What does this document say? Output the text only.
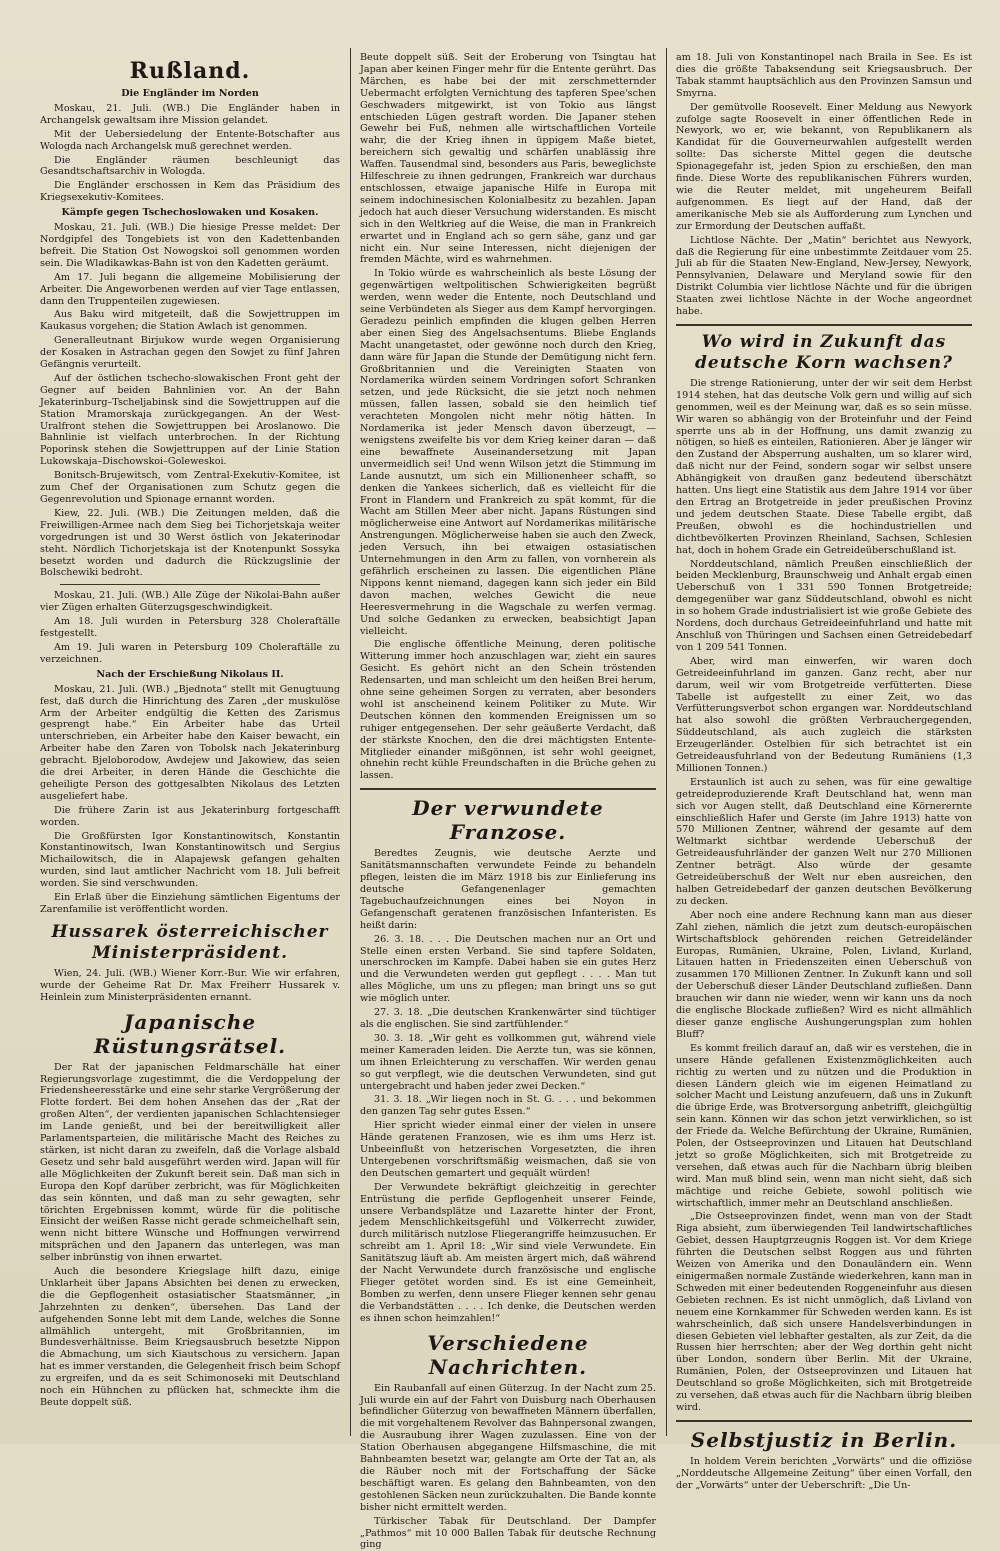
Rußland.
Die Engländer im Norden

Moskau, 21. Juli. (WB.) Die Engländer haben in Archangelsk gewaltsam ihre Mission gelandet.

Mit der Uebersiedelung der Entente-Botschafter aus Wologda nach Archangelsk muß gerechnet werden.

Die Engländer räumen beschleunigt das Gesandtschaftsarchiv in Wologda.

Die Engländer erschossen in Kem das Präsidium des Kriegsexekutiv-Komitees.

Kämpfe gegen Tschechoslowaken und Kosaken.

Moskau, 21. Juli. (WB.) Die hiesige Presse meldet: Der Nordgipfel des Tongebiets ist von den Kadettenbanden befreit. Die Station Ost Nowogskoi soll genommen worden sein. Die Wladikawkas-Bahn ist von den Kadetten geräumt.

Am 17. Juli begann die allgemeine Mobilisierung der Arbeiter. Die Angeworbenen werden auf vier Tage entlassen, dann den Truppenteilen zugewiesen.

Aus Baku wird mitgeteilt, daß die Sowjettruppen im Kaukasus vorgehen; die Station Awlach ist genommen.

Generalleutnant Birjukow wurde wegen Organisierung der Kosaken in Astrachan gegen den Sowjet zu fünf Jahren Gefängnis verurteilt.

Auf der östlichen tschecho-slowakischen Front geht der Gegner auf beiden Bahnlinien vor. An der Bahn Jekaterinburg–Tscheljabinsk sind die Sowjettruppen auf die Station Mramorskaja zurückgegangen. An der West-Uralfront stehen die Sowjettruppen bei Aroslanowo. Die Bahnlinie ist vielfach unterbrochen. In der Richtung Poporinsk stehen die Sowjettruppen auf der Linie Station Lukowskaja–Dischowskoi–Goleweskoi.

Bonitsch-Brujewitsch, vom Zentral-Exekutiv-Komitee, ist zum Chef der Organisationen zum Schutz gegen die Gegenrevolution und Spionage ernannt worden.

Kiew, 22. Juli. (WB.) Die Zeitungen melden, daß die Freiwilligen-Armee nach dem Sieg bei Tichorjetskaja weiter vorgedrungen ist und 30 Werst östlich von Jekaterinodar steht. Nördlich Tichorjetskaja ist der Knotenpunkt Sossyka besetzt worden und dadurch die Rückzugslinie der Bolschewiki bedroht.

Moskau, 21. Juli. (WB.) Alle Züge der Nikolai-Bahn außer vier Zügen erhalten Güterzugsgeschwindigkeit.

Am 18. Juli wurden in Petersburg 328 Choleraftälle festgestellt.

Am 19. Juli waren in Petersburg 109 Choleraftälle zu verzeichnen.

Nach der Erschießung Nikolaus II.

Moskau, 21. Juli. (WB.) „Bjednota“ stellt mit Genugtuung fest, daß durch die Hinrichtung des Zaren „der muskulöse Arm der Arbeiter endgültig die Ketten des Zarismus gesprengt habe.“ Ein Arbeiter habe das Urteil unterschrieben, ein Arbeiter habe den Kaiser bewacht, ein Arbeiter habe den Zaren von Tobolsk nach Jekaterinburg gebracht. Bjeloborodow, Awdejew und Jakowiew, das seien die drei Arbeiter, in deren Hände die Geschichte die geheiligte Person des gottgesalbten Nikolaus des Letzten ausgeliefert habe.

Die frühere Zarin ist aus Jekaterinburg fortgeschafft worden.

Die Großfürsten Igor Konstantinowitsch, Konstantin Konstantinowitsch, Iwan Konstantinowitsch und Sergius Michailowitsch, die in Alapajewsk gefangen gehalten wurden, sind laut amtlicher Nachricht vom 18. Juli befreit worden. Sie sind verschwunden.

Ein Erlaß über die Einziehung sämtlichen Eigentums der Zarenfamilie ist veröffentlicht worden.

Hussarek österreichischer Ministerpräsident.

Wien, 24. Juli. (WB.) Wiener Korr.-Bur. Wie wir erfahren, wurde der Geheime Rat Dr. Max Freiherr Hussarek v. Heinlein zum Ministerpräsidenten ernannt.

Japanische Rüstungsrätsel.

Der Rat der japanischen Feldmarschälle hat einer Regierungsvorlage zugestimmt, die die Verdoppelung der Friedensheeresstärke und eine sehr starke Vergrößerung der Flotte fordert. Bei dem hohen Ansehen das der „Rat der großen Alten“, der verdienten japanischen Schlachtensieger im Lande genießt, und bei der bereitwilligkeit aller Parlamentsparteien, die militärische Macht des Reiches zu stärken, ist nicht daran zu zweifeln, daß die Vorlage alsbald Gesetz und sehr bald ausgeführt werden wird. Japan will für alle Möglichkeiten der Zukunft bereit sein. Daß man sich in Europa den Kopf darüber zerbricht, was für Möglichkeiten das sein könnten, und daß man zu sehr gewagten, sehr törichten Ergebnissen kommt, würde für die politische Einsicht der weißen Rasse nicht gerade schmeichelhaft sein, wenn nicht bittere Wünsche und Hoffnungen verwirrend mitsprächen und den Japanern das unterlegen, was man selber inbrünstig von ihnen erwartet.

Auch die besondere Kriegslage hilft dazu, einige Unklarheit über Japans Absichten bei denen zu erwecken, die die Gepflogenheit ostasiatischer Staatsmänner, „in Jahrzehnten zu denken“, übersehen. Das Land der aufgehenden Sonne lebt mit dem Lande, welches die Sonne allmählich untergeht, mit Großbritannien, im Bundesverhältnisse. Beim Kriegsausbruch besetzte Nippon die Abmachung, um sich Kiautschous zu versichern. Japan hat es immer verstanden, die Gelegenheit frisch beim Schopf zu ergreifen, und da es seit Schimonoseki mit Deutschland noch ein Hühnchen zu pflücken hat, schmeckte ihm die Beute doppelt süß.

Beute doppelt süß. Seit der Eroberung von Tsingtau hat Japan aber keinen Finger mehr für die Entente gerührt. Das Märchen, es habe bei der mit zerschmetternder Uebermacht erfolgten Vernichtung des tapferen Spee'schen Geschwaders mitgewirkt, ist von Tokio aus längst entschieden Lügen gestraft worden. Die Japaner stehen Gewehr bei Fuß, nehmen alle wirtschaftlichen Vorteile wahr, die der Krieg ihnen in üppigem Maße bietet, bereichern sich gewaltig und schärfen unablässig ihre Waffen. Tausendmal sind, besonders aus Paris, beweglichste Hilfeschreie zu ihnen gedrungen, Frankreich war durchaus entschlossen, etwaige japanische Hilfe in Europa mit seinem indochinesischen Kolonialbesitz zu bezahlen. Japan jedoch hat auch dieser Versuchung widerstanden. Es mischt sich in den Weltkrieg auf die Weise, die man in Frankreich erwartet und in England ach so gern sähe, ganz und gar nicht ein. Nur seine Interessen, nicht diejenigen der fremden Mächte, wird es wahrnehmen.

In Tokio würde es wahrscheinlich als beste Lösung der gegenwärtigen weltpolitischen Schwierigkeiten begrüßt werden, wenn weder die Entente, noch Deutschland und seine Verbündeten als Sieger aus dem Kampf hervorgingen. Geradezu peinlich empfinden die klugen gelben Herren aber einen Sieg des Angelsachsentums. Bliebe Englands Macht unangetastet, oder gewönne noch durch den Krieg, dann wäre für Japan die Stunde der Demütigung nicht fern. Großbritannien und die Vereinigten Staaten von Nordamerika würden seinem Vordringen sofort Schranken setzen, und jede Rücksicht, die sie jetzt noch nehmen müssen, fallen lassen, sobald sie den heimlich tief verachteten Mongolen nicht mehr nötig hätten. In Nordamerika ist jeder Mensch davon überzeugt, — wenigstens zweifelte bis vor dem Krieg keiner daran — daß eine bewaffnete Auseinandersetzung mit Japan unvermeidlich sei! Und wenn Wilson jetzt die Stimmung im Lande ausnutzt, um sich ein Millionenheer schafft, so denken die Yankees sicherlich, daß es vielleicht für die Front in Flandern und Frankreich zu spät kommt, für die Wacht am Stillen Meer aber nicht. Japans Rüstungen sind möglicherweise eine Antwort auf Nordamerikas militärische Anstrengungen. Möglicherweise haben sie auch den Zweck, jeden Versuch, ihn bei etwaigen ostasiatischen Unternehmungen in den Arm zu fallen, von vornherein als gefährlich erscheinen zu lassen. Die eigentlichen Pläne Nippons kennt niemand, dagegen kann sich jeder ein Bild davon machen, welches Gewicht die neue Heeresvermehrung in die Wagschale zu werfen vermag. Und solche Gedanken zu erwecken, beabsichtigt Japan vielleicht.

Die englische öffentliche Meinung, deren politische Witterung immer hoch anzuschlagen war, zieht ein saures Gesicht. Es gehört nicht an den Schein tröstenden Redensarten, und man schleicht um den heißen Brei herum, ohne seine geheimen Sorgen zu verraten, aber besonders wohl ist anscheinend keinem Politiker zu Mute. Wir Deutschen können den kommenden Ereignissen um so ruhiger entgegensehen. Der sehr geäußerte Verdacht, daß der stärkste Knochen, den die drei mächtigsten Entente-Mitglieder einander mißgönnen, ist sehr wohl geeignet, ohnehin recht kühle Freundschaften in die Brüche gehen zu lassen.

Der verwundete Franzose.

Beredtes Zeugnis, wie deutsche Aerzte und Sanitätsmannschaften verwundete Feinde zu behandeln pflegen, leisten die im März 1918 bis zur Einlieferung ins deutsche Gefangenenlager gemachten Tagebuchaufzeichnungen eines bei Noyon in Gefangenschaft geratenen französischen Infanteristen. Es heißt darin:

26. 3. 18. . . . Die Deutschen machen nur an Ort und Stelle einen ersten Verband. Sie sind tapfere Soldaten, unerschrocken im Kampfe. Dabei haben sie ein gutes Herz und die Verwundeten werden gut gepflegt . . . . Man tut alles Mögliche, um uns zu pflegen; man bringt uns so gut wie möglich unter.

27. 3. 18. „Die deutschen Krankenwärter sind tüchtiger als die englischen. Sie sind zartfühlender.“

30. 3. 18. „Wir geht es vollkommen gut, während viele meiner Kameraden leiden. Die Aerzte tun, was sie können, um ihnen Erleichterung zu verschaffen. Wir werden genau so gut verpflegt, wie die deutschen Verwundeten, sind gut untergebracht und haben jeder zwei Decken.“

31. 3. 18. „Wir liegen noch in St. G. . . . und bekommen den ganzen Tag sehr gutes Essen.“

Hier spricht wieder einmal einer der vielen in unsere Hände geratenen Franzosen, wie es ihm ums Herz ist. Unbeeinflußt von hetzerischen Vorgesetzten, die ihren Untergebenen vorschriftsmäßig weismachen, daß sie von den Deutschen gemartert und gequält würden!

Der Verwundete bekräftigt gleichzeitig in gerechter Entrüstung die perfide Gepflogenheit unserer Feinde, unsere Verbandsplätze und Lazarette hinter der Front, jedem Menschlichkeitsgefühl und Völkerrecht zuwider, durch militärisch nutzlose Fliegerangriffe heimzusuchen. Er schreibt am 1. April 18: „Wir sind viele Verwundete. Ein Sanitätszug läuft ab. Am meisten ärgert mich, daß während der Nacht Verwundete durch französische und englische Flieger getötet worden sind. Es ist eine Gemeinheit, Bomben zu werfen, denn unsere Flieger kennen sehr genau die Verbandstätten . . . . Ich denke, die Deutschen werden es ihnen schon heimzahlen!“

Verschiedene Nachrichten.

Ein Raubanfall auf einen Güterzug. In der Nacht zum 25. Juli wurde ein auf der Fahrt von Duisburg nach Oberhausen befindlicher Güterzug von bewaffneten Männern überfallen, die mit vorgehaltenem Revolver das Bahnpersonal zwangen, die Ausraubung ihrer Wagen zuzulassen. Eine von der Station Oberhausen abgegangene Hilfsmaschine, die mit Bahnbeamten besetzt war, gelangte am Orte der Tat an, als die Räuber noch mit der Fortschaffung der Säcke beschäftigt waren. Es gelang den Bahnbeamten, von den gestohlenen Säcken neun zurückzuhalten. Die Bande konnte bisher nicht ermittelt werden.

Türkischer Tabak für Deutschland. Der Dampfer „Pathmos“ mit 10 000 Ballen Tabak für deutsche Rechnung ging

am 18. Juli von Konstantinopel nach Braila in See. Es ist dies die größte Tabaksendung seit Kriegsausbruch. Der Tabak stammt hauptsächlich aus den Provinzen Samsun und Smyrna.

Der gemütvolle Roosevelt. Einer Meldung aus Newyork zufolge sagte Roosevelt in einer öffentlichen Rede in Newyork, wo er, wie bekannt, von Republikanern als Kandidat für die Gouverneurwahlen aufgestellt werden sollte: Das sicherste Mittel gegen die deutsche Spionagegefahr ist, jeden Spion zu erschießen, den man finde. Diese Worte des republikanischen Führers wurden, wie die Reuter meldet, mit ungeheurem Beifall aufgenommen. Es liegt auf der Hand, daß der amerikanische Meb sie als Aufforderung zum Lynchen und zur Ermordung der Deutschen auffaßt.

Lichtlose Nächte. Der „Matin“ berichtet aus Newyork, daß die Regierung für eine unbestimmte Zeitdauer vom 25. Juli ab für die Staaten New-England, New-Jersey, Newyork, Pennsylvanien, Delaware und Meryland sowie für den Distrikt Columbia vier lichtlose Nächte und für die übrigen Staaten zwei lichtlose Nächte in der Woche angeordnet habe.

Wo wird in Zukunft das deutsche Korn wachsen?

Die strenge Rationierung, unter der wir seit dem Herbst 1914 stehen, hat das deutsche Volk gern und willig auf sich genommen, weil es der Meinung war, daß es so sein müsse. Wir waren so abhängig von der Broteinfuhr und der Feind sperrte uns ab in der Hoffnung, uns damit zwanzig zu nötigen, so hieß es einteilen, Rationieren. Aber je länger wir den Zustand der Absperrung aushalten, um so klarer wird, daß nicht nur der Feind, sondern sogar wir selbst unsere Abhängigkeit von draußen ganz bedeutend überschätzt hatten. Uns liegt eine Statistik aus dem Jahre 1914 vor über den Ertrag an Brotgetreide in jeder preußischen Provinz und jedem deutschen Staate. Diese Tabelle ergibt, daß Preußen, obwohl es die hochindustriellen und dichtbevölkerten Provinzen Rheinland, Sachsen, Schlesien hat, doch in hohem Grade ein Getreideüberschußland ist.

Norddeutschland, nämlich Preußen einschließlich der beiden Mecklenburg, Braunschweig und Anhalt ergab einen Ueberschuß von 1 331 590 Tonnen Brotgetreide; demgegenüber war ganz Süddeutschland, obwohl es nicht in so hohem Grade industrialisiert ist wie große Gebiete des Nordens, doch durchaus Getreideeinfuhrland und hatte mit Anschluß von Thüringen und Sachsen einen Getreidebedarf von 1 209 541 Tonnen.

Aber, wird man einwerfen, wir waren doch Getreideeinfuhrland im ganzen. Ganz recht, aber nur darum, weil wir vom Brotgetreide verfütterten. Diese Tabelle ist aufgestellt zu einer Zeit, wo das Verfütterungsverbot schon ergangen war. Norddeutschland hat also sowohl die größten Verbrauchergegenden, Süddeutschland, als auch zugleich die stärksten Erzeugerländer. Ostelbien für sich betrachtet ist ein Getreideausfuhrland von der Bedeutung Rumäniens (1,3 Millionen Tonnen.)

Erstaunlich ist auch zu sehen, was für eine gewaltige getreideproduzierende Kraft Deutschland hat, wenn man sich vor Augen stellt, daß Deutschland eine Körnerernte einschließlich Hafer und Gerste (im Jahre 1913) hatte von 570 Millionen Zentner, während der gesamte auf dem Weltmarkt sichtbar werdende Ueberschuß der Getreideausfuhrländer der ganzen Welt nur 270 Millionen Zentner beträgt. Also würde der gesamte Getreideüberschuß der Welt nur eben ausreichen, den halben Getreidebedarf der ganzen deutschen Bevölkerung zu decken.

Aber noch eine andere Rechnung kann man aus dieser Zahl ziehen, nämlich die jetzt zum deutsch-europäischen Wirtschaftsblock gehörenden reichen Getreideländer Europas, Rumänien, Ukraine, Polen, Livland, Kurland, Litauen hatten in Friedenszeiten einen Ueberschuß von zusammen 170 Millionen Zentner. In Zukunft kann und soll der Ueberschuß dieser Länder Deutschland zufließen. Dann brauchen wir dann nie wieder, wenn wir kann uns da noch die englische Blockade zufließen? Wird es nicht allmählich dieser ganze englische Aushungerungsplan zum hohlen Bluff?

Es kommt freilich darauf an, daß wir es verstehen, die in unsere Hände gefallenen Existenzmöglichkeiten auch richtig zu werten und zu nützen und die Produktion in diesen Ländern gleich wie im eigenen Heimatland zu solcher Macht und Leistung anzufeuern, daß uns in Zukunft die übrige Erde, was Brotversorgung anbetrifft, gleichgültig sein kann. Können wir das schon jetzt verwirklichen, so ist der Friede da. Welche Befürchtung der Ukraine, Rumänien, Polen, der Ostseeprovinzen und Litauen hat Deutschland jetzt so große Möglichkeiten, sich mit Brotgetreide zu versehen, daß etwas auch für die Nachbarn übrig bleiben wird. Man muß blind sein, wenn man nicht sieht, daß sich mächtige und reiche Gebiete, sowohl politisch wie wirtschaftlich, immer mehr an Deutschland anschließen.

„Die Ostseeprovinzen findet, wenn man von der Stadt Riga absieht, zum überwiegenden Teil landwirtschaftliches Gebiet, dessen Hauptgrzeugnis Roggen ist. Vor dem Kriege führten die Deutschen selbst Roggen aus und führten Weizen von Amerika und den Donauländern ein. Wenn einigermaßen normale Zustände wiederkehren, kann man in Schweden mit einer bedeutenden Roggeneinfuhr aus diesen Gebieten rechnen. Es ist nicht unmöglich, daß Livland von neuem eine Kornkammer für Schweden werden kann. Es ist wahrscheinlich, daß sich unsere Handelsverbindungen in diesen Gebieten viel lebhafter gestalten, als zur Zeit, da die Russen hier herrschten; aber der Weg dorthin geht nicht über London, sondern über Berlin. Mit der Ukraine, Rumänien, Polen, der Ostseeprovinzen und Litauen hat Deutschland so große Möglichkeiten, sich mit Brotgetreide zu versehen, daß etwas auch für die Nachbarn übrig bleiben wird.

Selbstjustiz in Berlin.

In holdem Verein berichten „Vorwärts“ und die offiziöse „Norddeutsche Allgemeine Zeitung“ über einen Vorfall, den der „Vorwärts“ unter der Ueberschrift: „Die Un-
